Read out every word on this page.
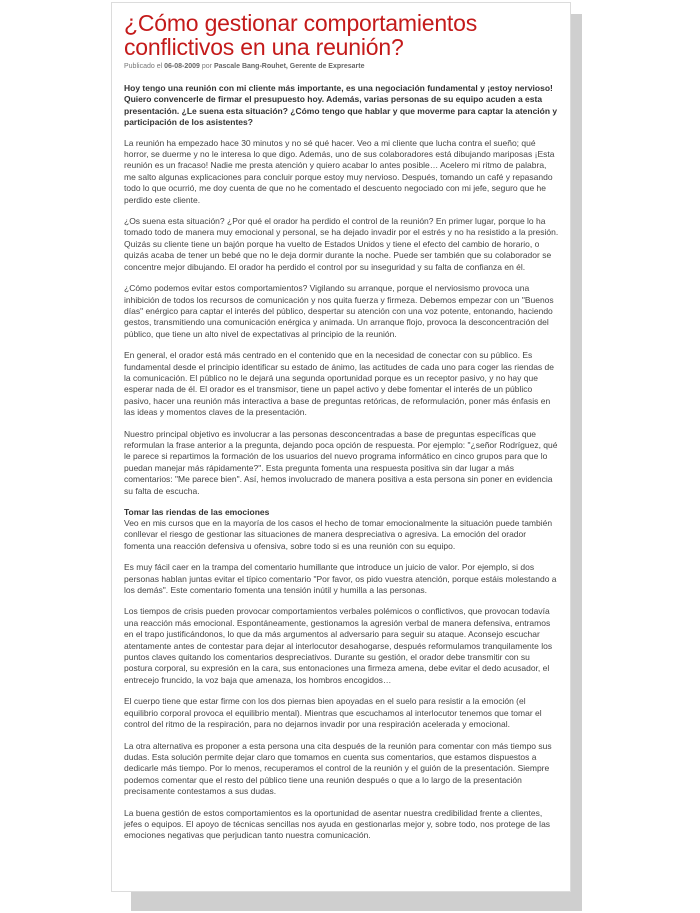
¿Cómo gestionar comportamientos conflictivos en una reunión?
Publicado el 06-08-2009 por Pascale Bang-Rouhet, Gerente de Expresarte

Hoy tengo una reunión con mi cliente más importante, es una negociación fundamental y ¡estoy nervioso! Quiero convencerle de firmar el presupuesto hoy. Además, varias personas de su equipo acuden a esta presentación. ¿Le suena esta situación? ¿Cómo tengo que hablar y que moverme para captar la atención y participación de los asistentes?

La reunión ha empezado hace 30 minutos y no sé qué hacer. Veo a mi cliente que lucha contra el sueño; qué horror, se duerme y no le interesa lo que digo. Además, uno de sus colaboradores está dibujando mariposas ¡Esta reunión es un fracaso! Nadie me presta atención y quiero acabar lo antes posible… Acelero mi ritmo de palabra, me salto algunas explicaciones para concluir porque estoy muy nervioso. Después, tomando un café y repasando todo lo que ocurrió, me doy cuenta de que no he comentado el descuento negociado con mi jefe, seguro que he perdido este cliente.

¿Os suena esta situación? ¿Por qué el orador ha perdido el control de la reunión? En primer lugar, porque lo ha tomado todo de manera muy emocional y personal, se ha dejado invadir por el estrés y no ha resistido a la presión. Quizás su cliente tiene un bajón porque ha vuelto de Estados Unidos y tiene el efecto del cambio de horario, o quizás acaba de tener un bebé que no le deja dormir durante la noche. Puede ser también que su colaborador se concentre mejor dibujando. El orador ha perdido el control por su inseguridad y su falta de confianza en él.

¿Cómo podemos evitar estos comportamientos? Vigilando su arranque, porque el nerviosismo provoca una inhibición de todos los recursos de comunicación y nos quita fuerza y firmeza. Debemos empezar con un "Buenos días" enérgico para captar el interés del público, despertar su atención con una voz potente, entonando, haciendo gestos, transmitiendo una comunicación enérgica y animada. Un arranque flojo, provoca la desconcentración del público, que tiene un alto nivel de expectativas al principio de la reunión.

En general, el orador está más centrado en el contenido que en la necesidad de conectar con su público. Es fundamental desde el principio identificar su estado de ánimo, las actitudes de cada uno para coger las riendas de la comunicación. El público no le dejará una segunda oportunidad porque es un receptor pasivo, y no hay que esperar nada de él. El orador es el transmisor, tiene un papel activo y debe fomentar el interés de un público pasivo, hacer una reunión más interactiva a base de preguntas retóricas, de reformulación, poner más énfasis en las ideas y momentos claves de la presentación.

Nuestro principal objetivo es involucrar a las personas desconcentradas a base de preguntas específicas que reformulan la frase anterior a la pregunta, dejando poca opción de respuesta. Por ejemplo: "¿señor Rodríguez, qué le parece si repartimos la formación de los usuarios del nuevo programa informático en cinco grupos para que lo puedan manejar más rápidamente?". Esta pregunta fomenta una respuesta positiva sin dar lugar a más comentarios: "Me parece bien". Así, hemos involucrado de manera positiva a esta persona sin poner en evidencia su falta de escucha.

Tomar las riendas de las emociones

Veo en mis cursos que en la mayoría de los casos el hecho de tomar emocionalmente la situación puede también conllevar el riesgo de gestionar las situaciones de manera despreciativa o agresiva. La emoción del orador fomenta una reacción defensiva u ofensiva, sobre todo si es una reunión con su equipo.

Es muy fácil caer en la trampa del comentario humillante que introduce un juicio de valor. Por ejemplo, si dos personas hablan juntas evitar el típico comentario "Por favor, os pido vuestra atención, porque estáis molestando a los demás". Este comentario fomenta una tensión inútil y humilla a las personas.

Los tiempos de crisis pueden provocar comportamientos verbales polémicos o conflictivos, que provocan todavía una reacción más emocional. Espontáneamente, gestionamos la agresión verbal de manera defensiva, entramos en el trapo justificándonos, lo que da más argumentos al adversario para seguir su ataque. Aconsejo escuchar atentamente antes de contestar para dejar al interlocutor desahogarse, después reformulamos tranquilamente los puntos claves quitando los comentarios despreciativos. Durante su gestión, el orador debe transmitir con su postura corporal, su expresión en la cara, sus entonaciones una firmeza amena, debe evitar el dedo acusador, el entrecejo fruncido, la voz baja que amenaza, los hombros encogidos…

El cuerpo tiene que estar firme con los dos piernas bien apoyadas en el suelo para resistir a la emoción (el equilibrio corporal provoca el equilibrio mental). Mientras que escuchamos al interlocutor tenemos que tomar el control del ritmo de la respiración, para no dejarnos invadir por una respiración acelerada y emocional.

La otra alternativa es proponer a esta persona una cita después de la reunión para comentar con más tiempo sus dudas. Esta solución permite dejar claro que tomamos en cuenta sus comentarios, que estamos dispuestos a dedicarle más tiempo. Por lo menos, recuperamos el control de la reunión y el guión de la presentación. Siempre podemos comentar que el resto del público tiene una reunión después o que a lo largo de la presentación precisamente contestamos a sus dudas.

La buena gestión de estos comportamientos es la oportunidad de asentar nuestra credibilidad frente a clientes, jefes o equipos. El apoyo de técnicas sencillas nos ayuda en gestionarlas mejor y, sobre todo, nos protege de las emociones negativas que perjudican tanto nuestra comunicación.
